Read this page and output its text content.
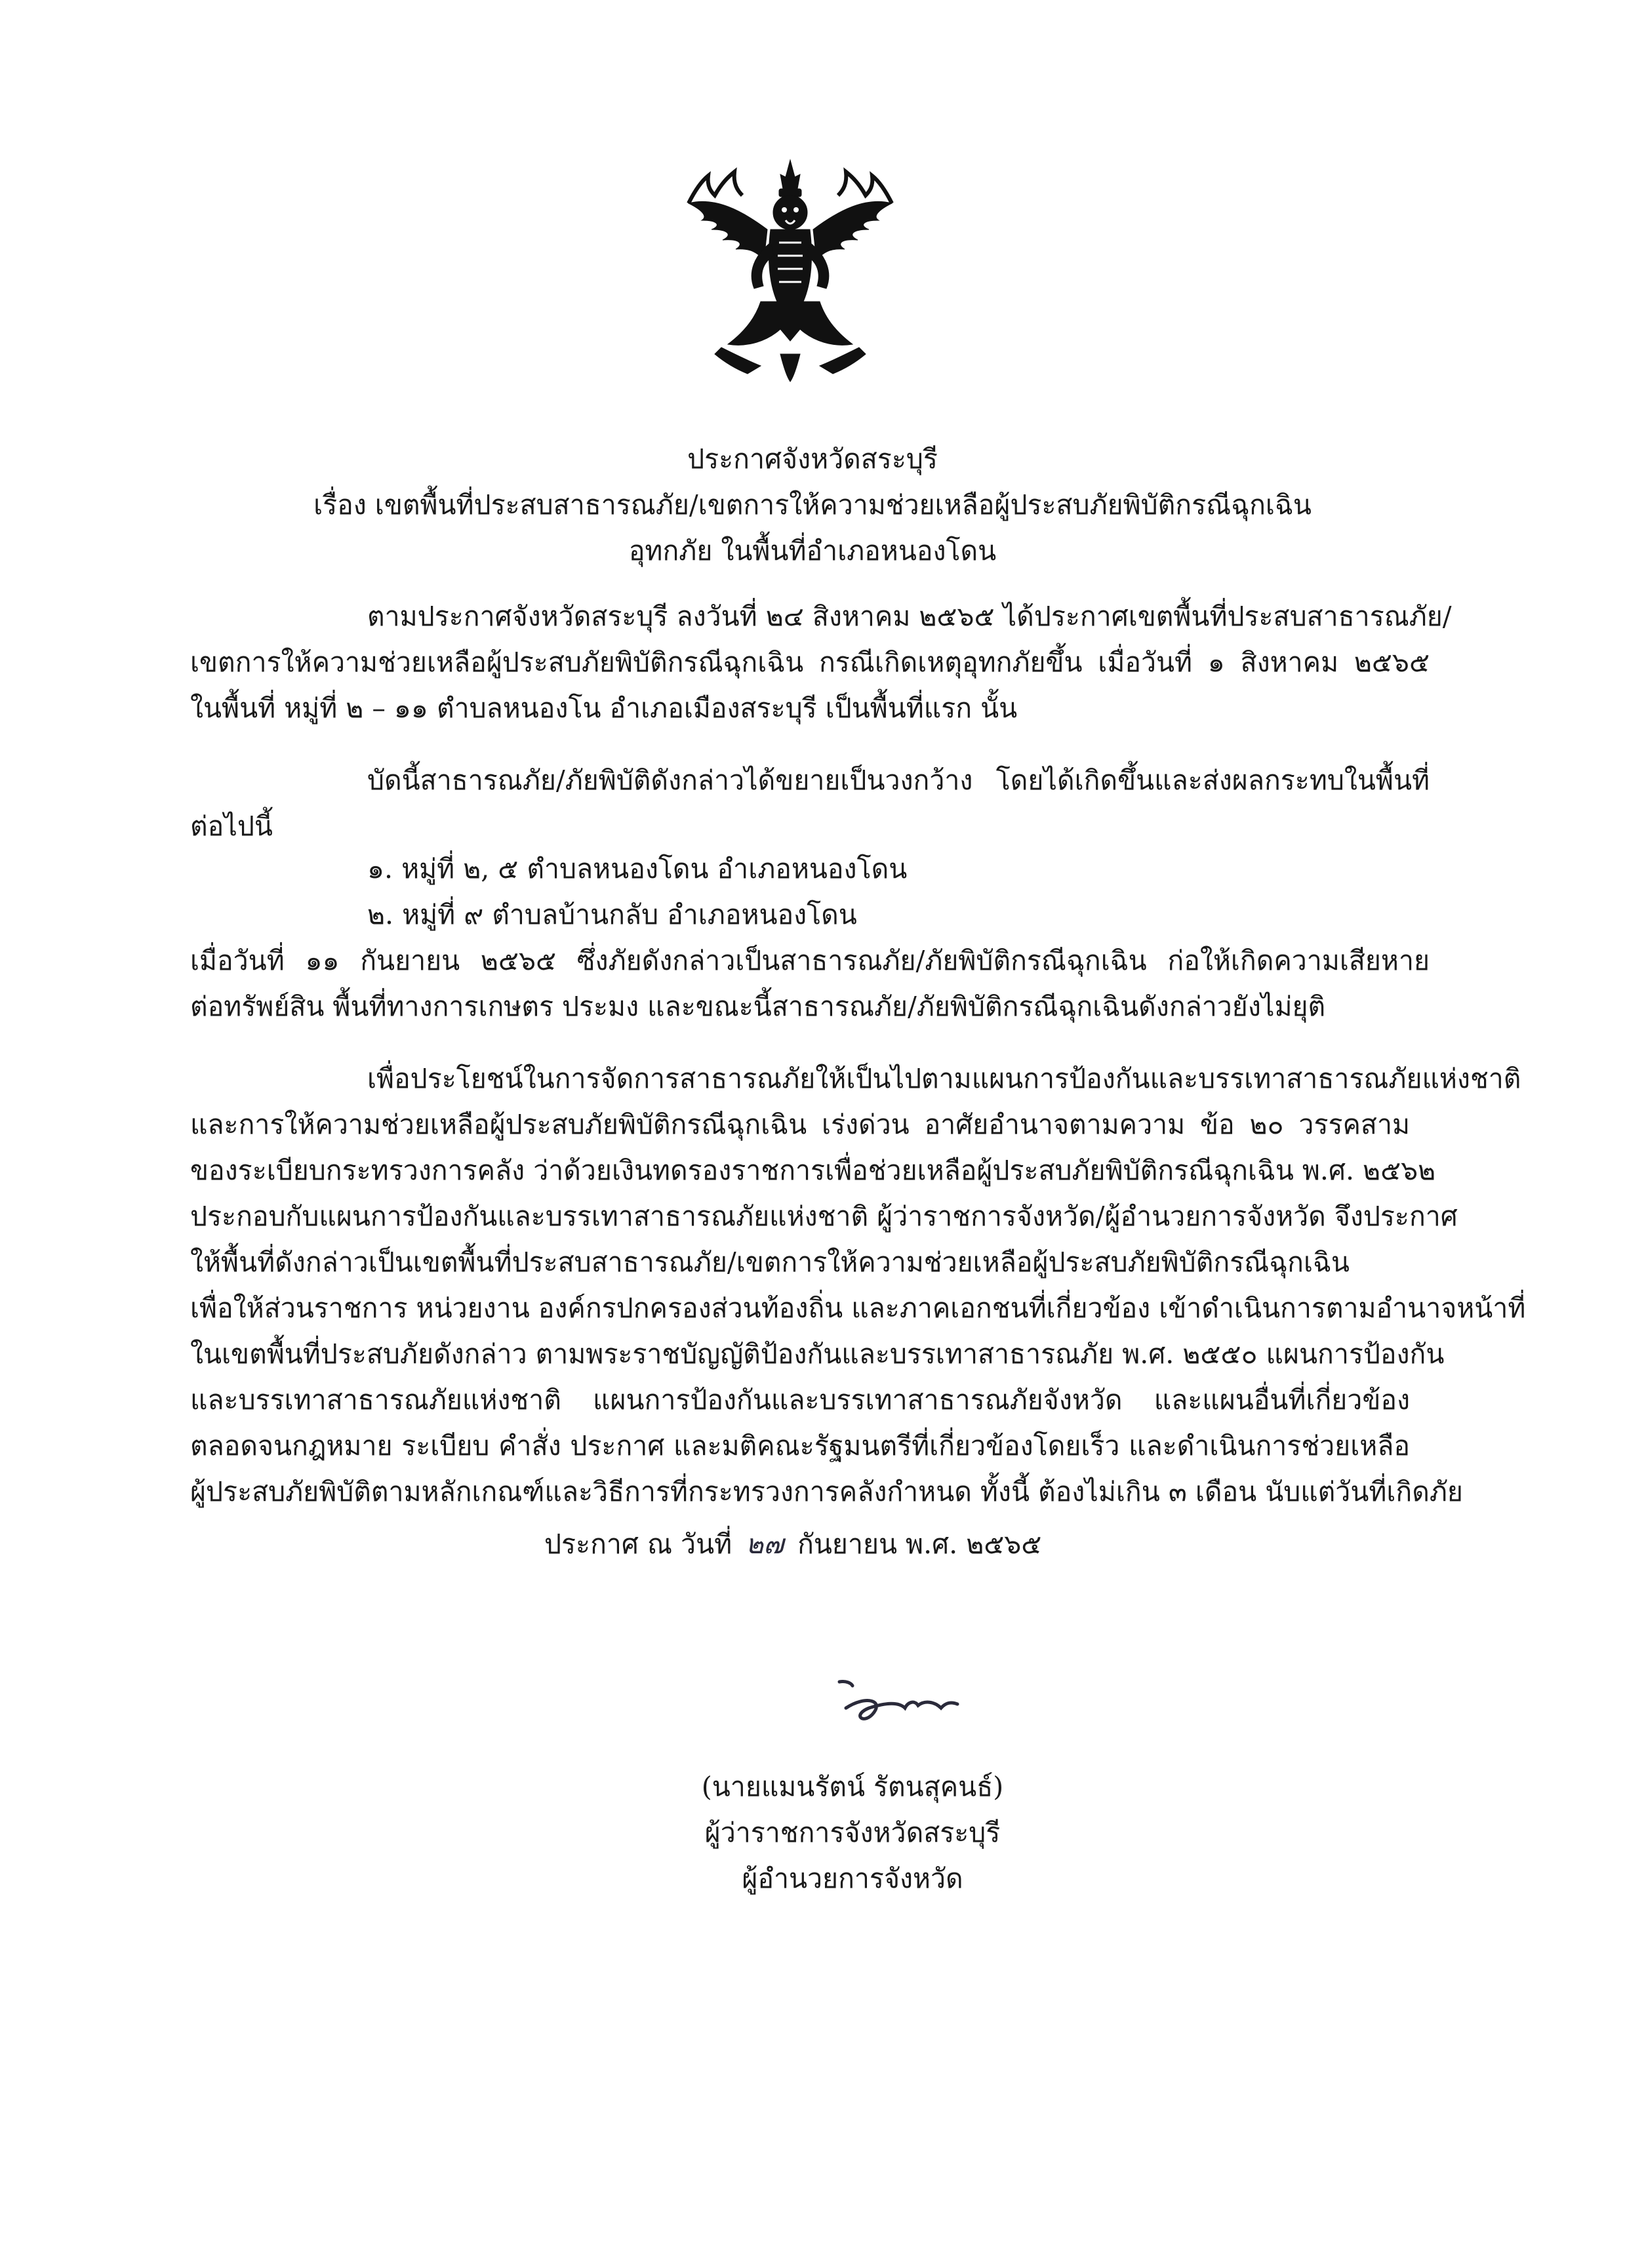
ประกาศจังหวัดสระบุรี
เรื่อง เขตพื้นที่ประสบสาธารณภัย/เขตการให้ความช่วยเหลือผู้ประสบภัยพิบัติกรณีฉุกเฉิน
อุทกภัย ในพื้นที่อำเภอหนองโดน
ตามประกาศจังหวัดสระบุรี ลงวันที่ ๒๔ สิงหาคม ๒๕๖๕ ได้ประกาศเขตพื้นที่ประสบสาธารณภัย/
เขตการให้ความช่วยเหลือผู้ประสบภัยพิบัติกรณีฉุกเฉิน กรณีเกิดเหตุอุทกภัยขึ้น เมื่อวันที่ ๑ สิงหาคม ๒๕๖๕
ในพื้นที่ หมู่ที่ ๒ – ๑๑ ตำบลหนองโน อำเภอเมืองสระบุรี เป็นพื้นที่แรก นั้น
บัดนี้สาธารณภัย/ภัยพิบัติดังกล่าวได้ขยายเป็นวงกว้าง โดยได้เกิดขึ้นและส่งผลกระทบในพื้นที่
ต่อไปนี้
๑. หมู่ที่ ๒, ๕ ตำบลหนองโดน อำเภอหนองโดน
๒. หมู่ที่ ๙ ตำบลบ้านกลับ อำเภอหนองโดน
เมื่อวันที่ ๑๑ กันยายน ๒๕๖๕ ซึ่งภัยดังกล่าวเป็นสาธารณภัย/ภัยพิบัติกรณีฉุกเฉิน ก่อให้เกิดความเสียหาย
ต่อทรัพย์สิน พื้นที่ทางการเกษตร ประมง และขณะนี้สาธารณภัย/ภัยพิบัติกรณีฉุกเฉินดังกล่าวยังไม่ยุติ
เพื่อประโยชน์ในการจัดการสาธารณภัยให้เป็นไปตามแผนการป้องกันและบรรเทาสาธารณภัยแห่งชาติ
และการให้ความช่วยเหลือผู้ประสบภัยพิบัติกรณีฉุกเฉิน เร่งด่วน อาศัยอำนาจตามความ ข้อ ๒๐ วรรคสาม
ของระเบียบกระทรวงการคลัง ว่าด้วยเงินทดรองราชการเพื่อช่วยเหลือผู้ประสบภัยพิบัติกรณีฉุกเฉิน พ.ศ. ๒๕๖๒
ประกอบกับแผนการป้องกันและบรรเทาสาธารณภัยแห่งชาติ ผู้ว่าราชการจังหวัด/ผู้อำนวยการจังหวัด จึงประกาศ
ให้พื้นที่ดังกล่าวเป็นเขตพื้นที่ประสบสาธารณภัย/เขตการให้ความช่วยเหลือผู้ประสบภัยพิบัติกรณีฉุกเฉิน
เพื่อให้ส่วนราชการ หน่วยงาน องค์กรปกครองส่วนท้องถิ่น และภาคเอกชนที่เกี่ยวข้อง เข้าดำเนินการตามอำนาจหน้าที่
ในเขตพื้นที่ประสบภัยดังกล่าว ตามพระราชบัญญัติป้องกันและบรรเทาสาธารณภัย พ.ศ. ๒๕๕๐ แผนการป้องกัน
และบรรเทาสาธารณภัยแห่งชาติ แผนการป้องกันและบรรเทาสาธารณภัยจังหวัด และแผนอื่นที่เกี่ยวข้อง
ตลอดจนกฎหมาย ระเบียบ คำสั่ง ประกาศ และมติคณะรัฐมนตรีที่เกี่ยวข้องโดยเร็ว และดำเนินการช่วยเหลือ
ผู้ประสบภัยพิบัติตามหลักเกณฑ์และวิธีการที่กระทรวงการคลังกำหนด ทั้งนี้ ต้องไม่เกิน ๓ เดือน นับแต่วันที่เกิดภัย
ประกาศ ณ วันที่ ๒๗ กันยายน พ.ศ. ๒๕๖๕
(นายแมนรัตน์ รัตนสุคนธ์)
ผู้ว่าราชการจังหวัดสระบุรี
ผู้อำนวยการจังหวัด
